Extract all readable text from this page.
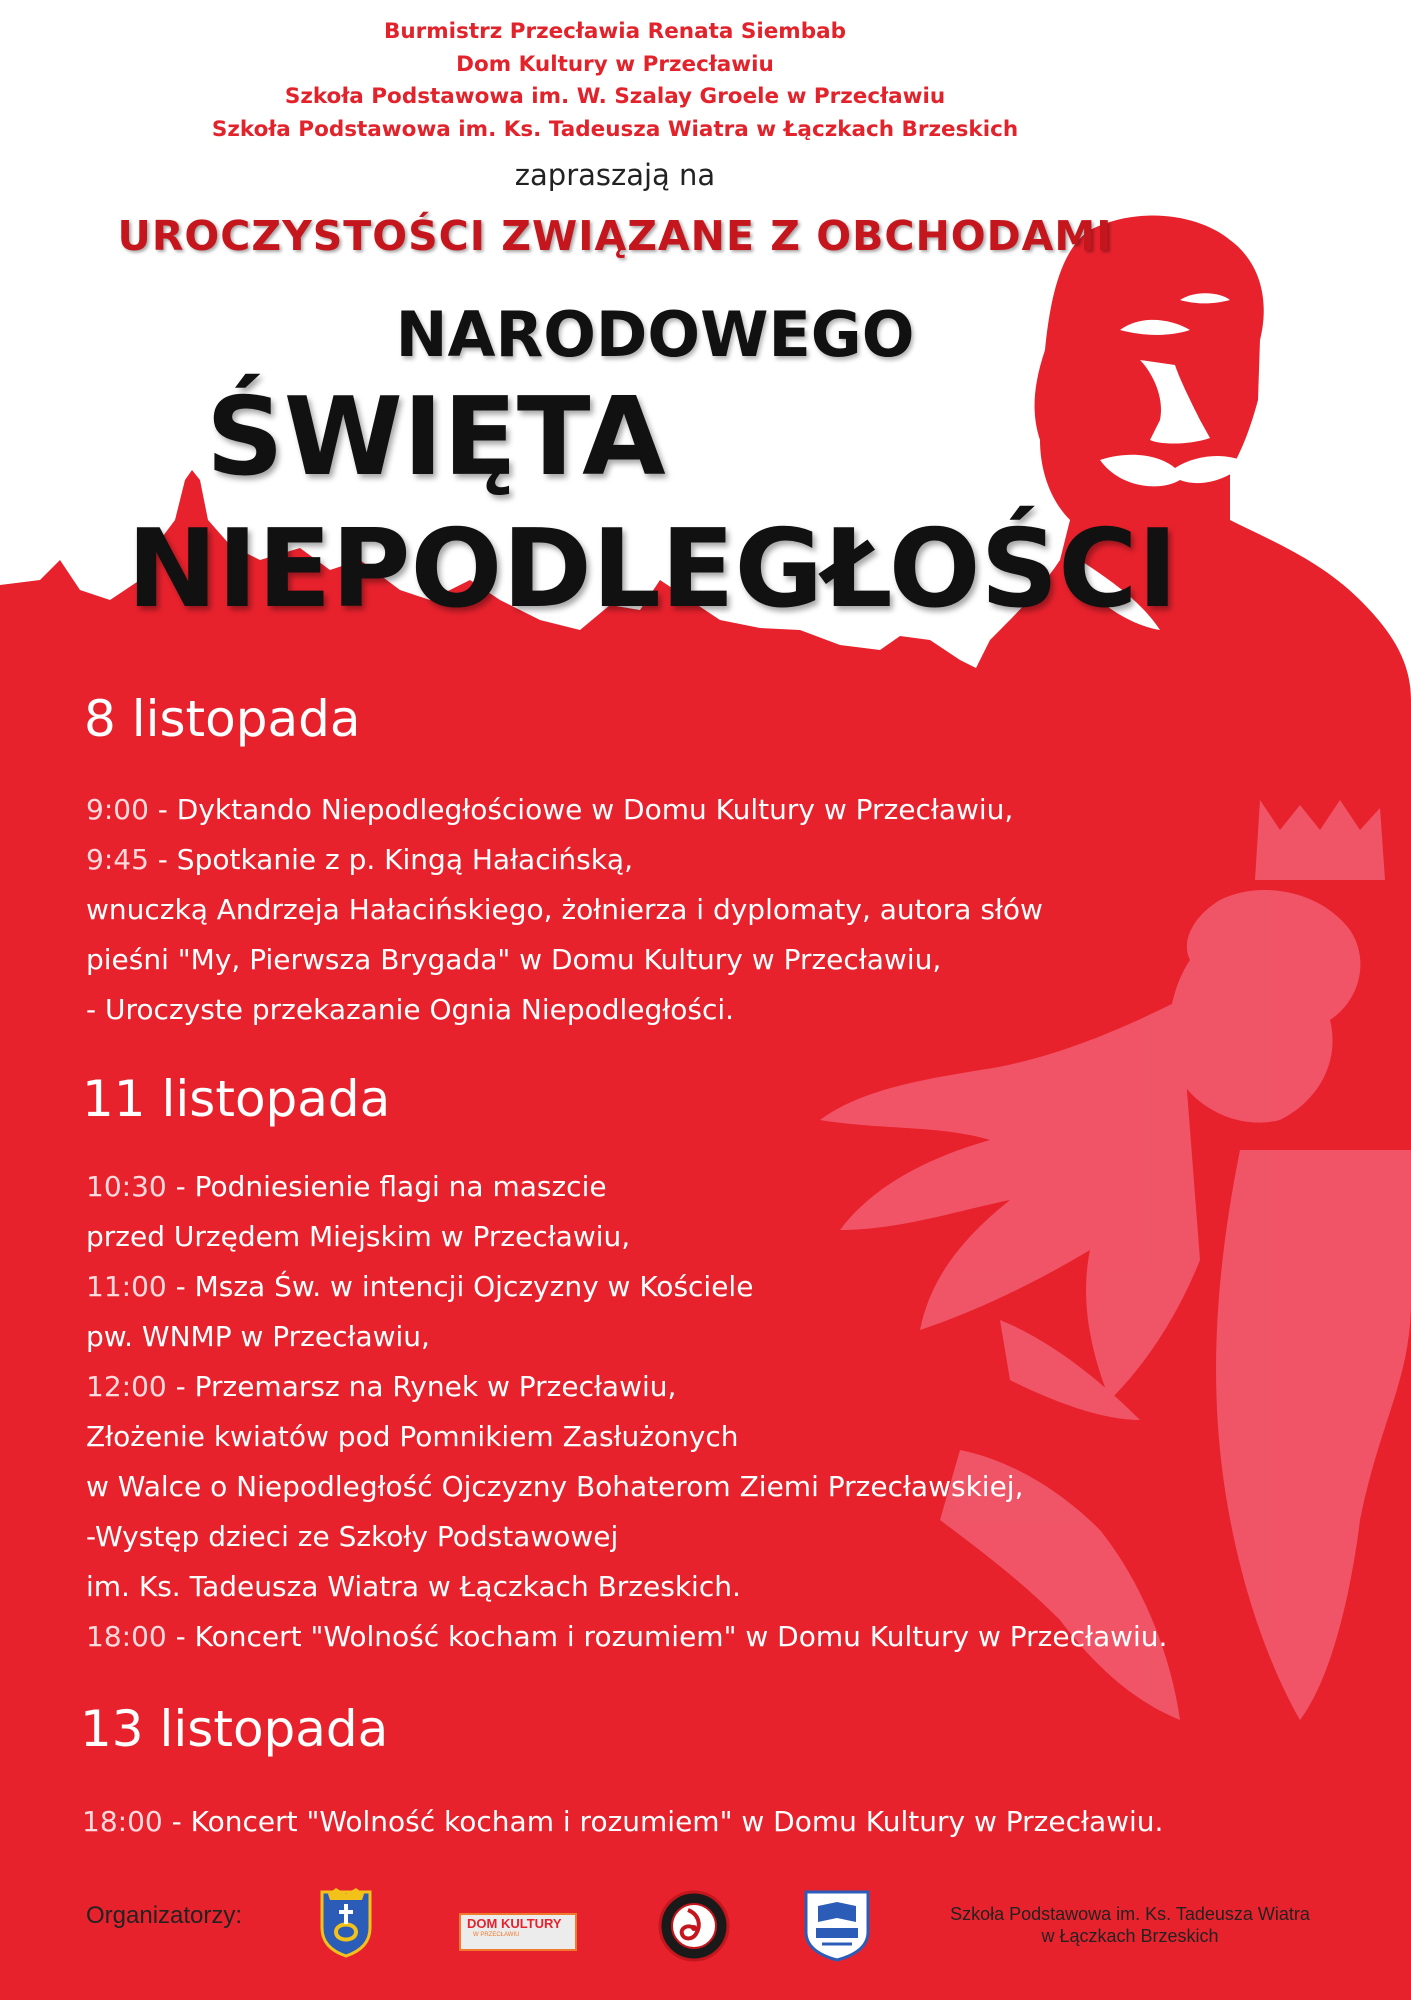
Burmistrz Przecławia Renata Siembab
Dom Kultury w Przecławiu
Szkoła Podstawowa im. W. Szalay Groele w Przecławiu
Szkoła Podstawowa im. Ks. Tadeusza Wiatra w Łączkach Brzeskich
zapraszają na
UROCZYSTOŚCI ZWIĄZANE Z OBCHODAMI
NARODOWEGO
ŚWIĘTA
NIEPODLEGŁOŚCI
8 listopada
9:00 - Dyktando Niepodległościowe w Domu Kultury w Przecławiu,
9:45 - Spotkanie z p. Kingą Hałacińską,
wnuczką Andrzeja Hałacińskiego, żołnierza i dyplomaty, autora słów
pieśni "My, Pierwsza Brygada" w Domu Kultury w Przecławiu,
- Uroczyste przekazanie Ognia Niepodległości.
11 listopada
10:30 - Podniesienie flagi na maszcie
przed Urzędem Miejskim w Przecławiu,
11:00 - Msza Św. w intencji Ojczyzny w Kościele
pw. WNMP w Przecławiu,
12:00 - Przemarsz na Rynek w Przecławiu,
Złożenie kwiatów pod Pomnikiem Zasłużonych
w Walce o Niepodległość Ojczyzny Bohaterom Ziemi Przecławskiej,
-Występ dzieci ze Szkoły Podstawowej
im. Ks. Tadeusza Wiatra w Łączkach Brzeskich.
18:00 - Koncert "Wolność kocham i rozumiem" w Domu Kultury w Przecławiu.
13 listopada
18:00 - Koncert "Wolność kocham i rozumiem" w Domu Kultury w Przecławiu.
Organizatorzy:	DOM KULTURY
W PRZECŁAWIU
Szkoła Podstawowa im. Ks. Tadeusza Wiatra
w Łączkach Brzeskich
